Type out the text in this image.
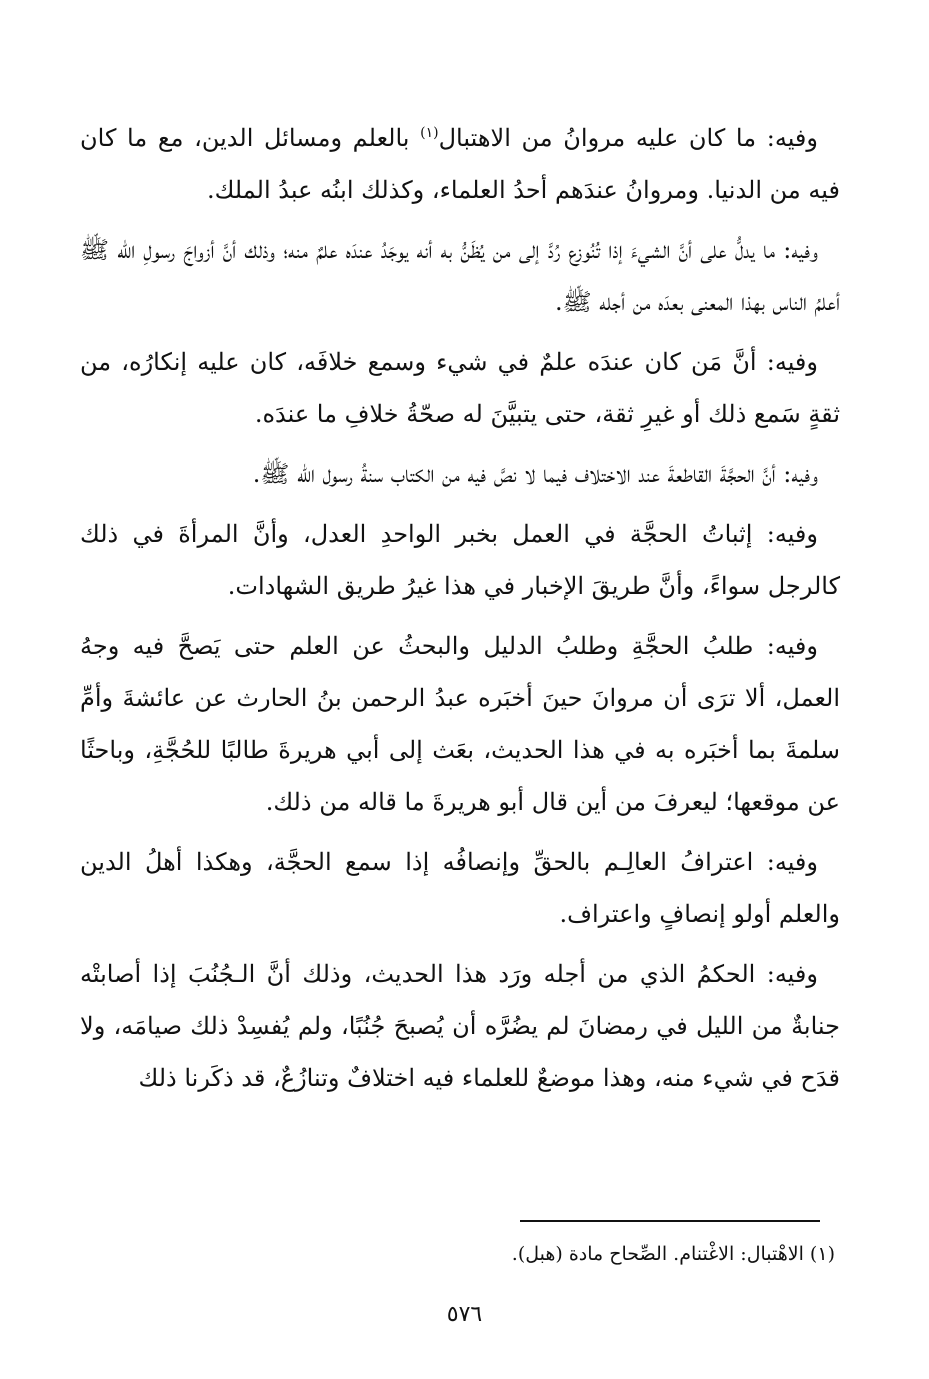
وفيه: ما كان عليه مروانُ من الاهتبال$^{(١)}$ بالعلم ومسائل الدين، مع ما كان فيه من الدنيا. ومروانُ عندَهم أحدُ العلماء، وكذلك ابنُه عبدُ الملك.

وفيه: ما يدلُّ على أنَّ الشيءَ إذا تُنُوزع رُدَّ إلى من يُظَنُّ به أنه يوجَدُ عندَه علمٌ منه؛ وذلك أنَّ أزواجَ رسولِ الله ﷺ أعلمُ الناس بهذا المعنى بعدَه من أجله ﷺ.

وفيه: أنَّ مَن كان عندَه علمٌ في شيء وسمع خلافَه، كان عليه إنكارُه، من ثقةٍ سَمع ذلك أو غيرِ ثقة، حتى يتبيَّنَ له صحّةُ خلافِ ما عندَه.

وفيه: أنَّ الحجَّةَ القاطعةَ عند الاختلاف فيما لا نصَّ فيه من الكتاب سنةُ رسول الله ﷺ.

وفيه: إثباتُ الحجَّة في العمل بخبر الواحدِ العدل، وأنَّ المرأةَ في ذلك كالرجل سواءً، وأنَّ طريقَ الإخبار في هذا غيرُ طريق الشهادات.

وفيه: طلبُ الحجَّةِ وطلبُ الدليل والبحثُ عن العلم حتى يَصحَّ فيه وجهُ العمل، ألا ترَى أن مروانَ حينَ أخبَره عبدُ الرحمن بنُ الحارث عن عائشةَ وأمِّ سلمةَ بما أخبَره به في هذا الحديث، بعَث إلى أبي هريرةَ طالبًا للحُجَّةِ، وباحثًا عن موقعها؛ ليعرفَ من أين قال أبو هريرةَ ما قاله من ذلك.

وفيه: اعترافُ العالِـم بالحقِّ وإنصافُه إذا سمع الحجَّة، وهكذا أهلُ الدين والعلم أولو إنصافٍ واعتراف.

وفيه: الحكمُ الذي من أجله ورَد هذا الحديث، وذلك أنَّ الـجُنُبَ إذا أصابتْه جنابةٌ من الليل في رمضانَ لم يضُرَّه أن يُصبحَ جُنُبًا، ولم يُفسِدْ ذلك صيامَه، ولا قدَح في شيء منه، وهذا موضعٌ للعلماء فيه اختلافٌ وتنازُعٌ، قد ذكَرنا ذلك

(١) الاهْتبال: الاغْتنام. الصِّحاح مادة (هبل).
٥٧٦
